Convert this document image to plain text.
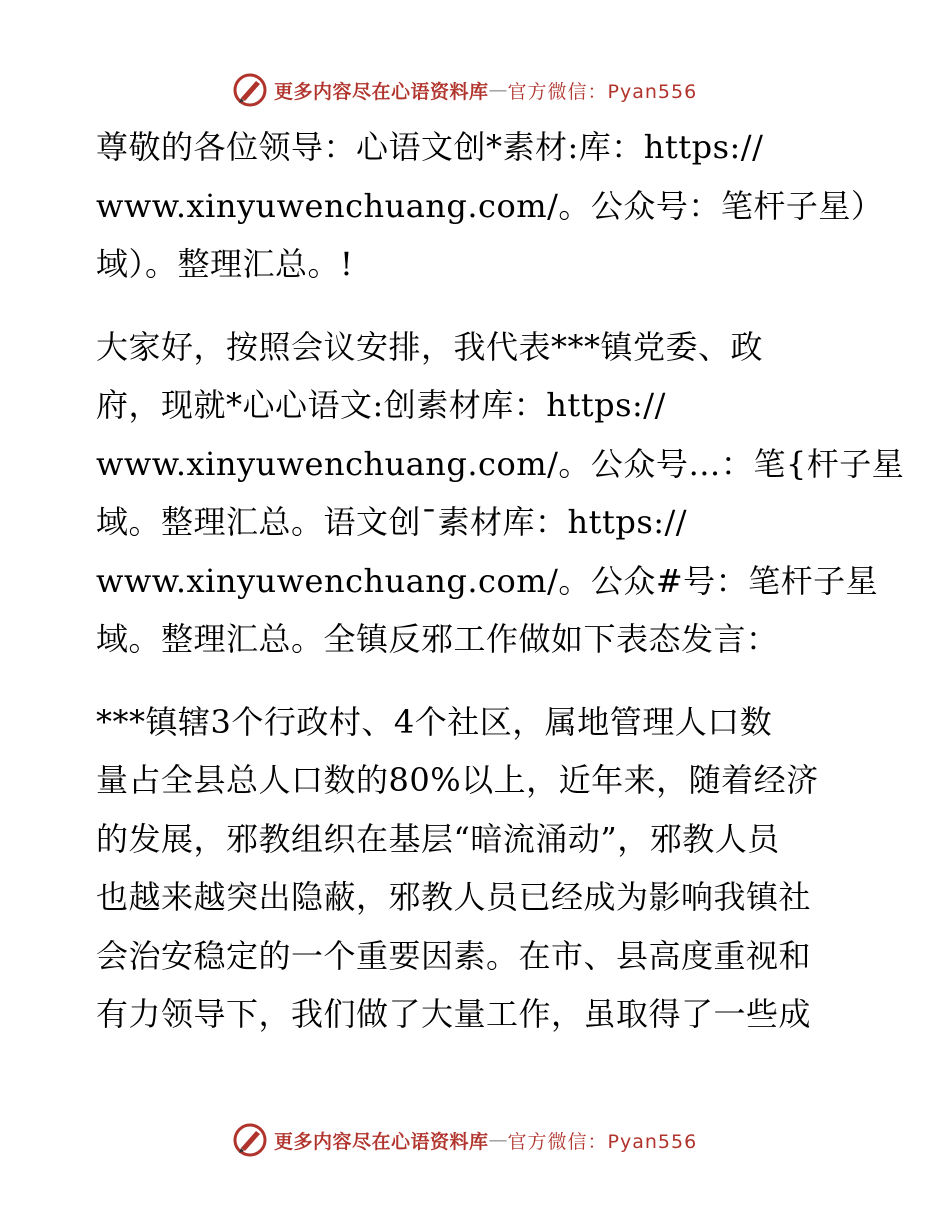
更多内容尽在心语资料库 — 官方微信：Pyan556
尊敬的各位领导：心语文创*素材:库：https://
www.xinyuwenchuang.com/。公众号：笔杆子星）
域）。整理汇总。!
大家好，按照会议安排，我代表***镇党委、政
府，现就*心心语文:创素材库：https://
www.xinyuwenchuang.com/。公众号…：笔{杆子星
域。整理汇总。语文创¯素材库：https://
www.xinyuwenchuang.com/。公众#号：笔杆子星
域。整理汇总。全镇反邪工作做如下表态发言：
***镇辖3个行政村、4个社区，属地管理人口数
量占全县总人口数的80%以上，近年来，随着经济
的发展，邪教组织在基层“暗流涌动”，邪教人员
也越来越突出隐蔽，邪教人员已经成为影响我镇社
会治安稳定的一个重要因素。在市、县高度重视和
有力领导下，我们做了大量工作，虽取得了一些成
更多内容尽在心语资料库 — 官方微信：Pyan556
